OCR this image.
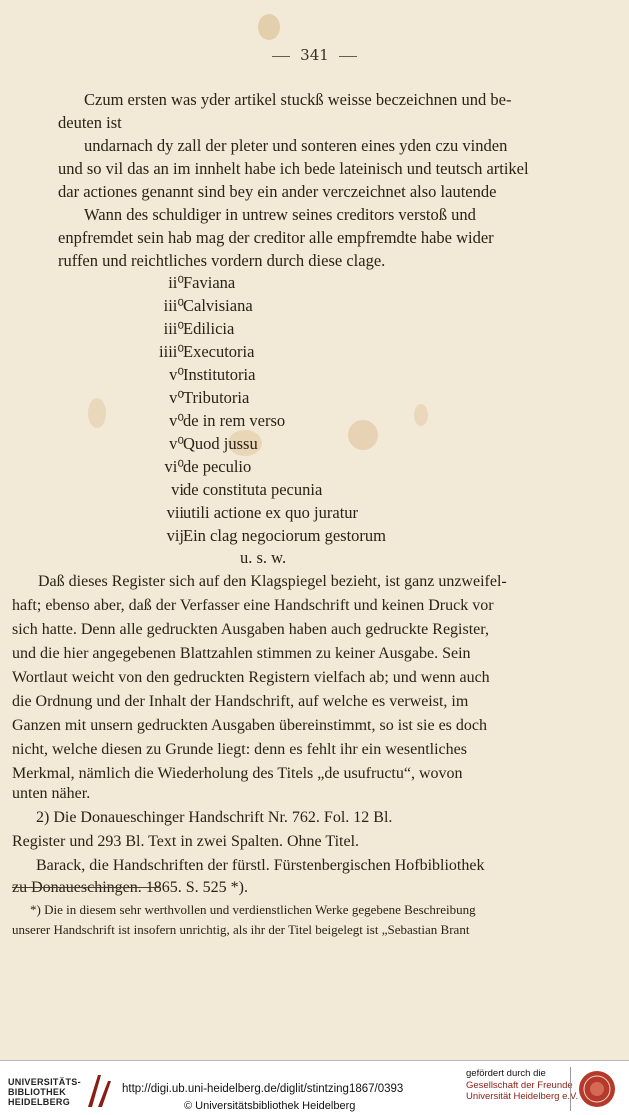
341
Czum ersten was yder artikel stuckß weisse beczeichnen und be-
deuten ist
undarnach dy zall der pleter und sonteren eines yden czu vinden
und so vil das an im innhelt habe ich bede lateinisch und teutsch artikel
dar actiones genannt sind bey ein ander verczeichnet also lautende
Wann des schuldiger in untrew seines creditors verstoß und
enpfremdet sein hab mag der creditor alle empfremdte habe wider
ruffen und reichtliches vordern durch diese clage.
ii⁰ Faviana
iii⁰ Calvisiana
iii⁰ Edilicia
iiii⁰ Executoria
v⁰ Institutoria
v⁰ Tributoria
v⁰ de in rem verso
v⁰ Quod jussu
vi⁰ de peculio
vi de constituta pecunia
vii utili actione ex quo juratur
vij Ein clag negociorum gestorum
u. s. w.
Daß dieses Register sich auf den Klagspiegel bezieht, ist ganz unzweifel-
haft; ebenso aber, daß der Verfasser eine Handschrift und keinen Druck vor
sich hatte. Denn alle gedruckten Ausgaben haben auch gedruckte Register,
und die hier angegebenen Blattzahlen stimmen zu keiner Ausgabe. Sein
Wortlaut weicht von den gedruckten Registern vielfach ab; und wenn auch
die Ordnung und der Inhalt der Handschrift, auf welche es verweist, im
Ganzen mit unsern gedruckten Ausgaben übereinstimmt, so ist sie es doch
nicht, welche diesen zu Grunde liegt: denn es fehlt ihr ein wesentliches
Merkmal, nämlich die Wiederholung des Titels „de usufructu“, wovon
unten näher.
2) Die Donaueschinger Handschrift Nr. 762. Fol. 12 Bl.
Register und 293 Bl. Text in zwei Spalten. Ohne Titel.
Barack, die Handschriften der fürstl. Fürstenbergischen Hofbibliothek
zu Donaueschingen. 1865. S. 525 *).
*) Die in diesem sehr werthvollen und verdienstlichen Werke gegebene Beschreibung
unserer Handschrift ist insofern unrichtig, als ihr der Titel beigelegt ist „Sebastian Brant
UNIVERSITÄTS-
BIBLIOTHEK
HEIDELBERG
http://digi.ub.uni-heidelberg.de/diglit/stintzing1867/0393
© Universitätsbibliothek Heidelberg
gefördert durch die
Gesellschaft der Freunde
Universität Heidelberg e.V.
